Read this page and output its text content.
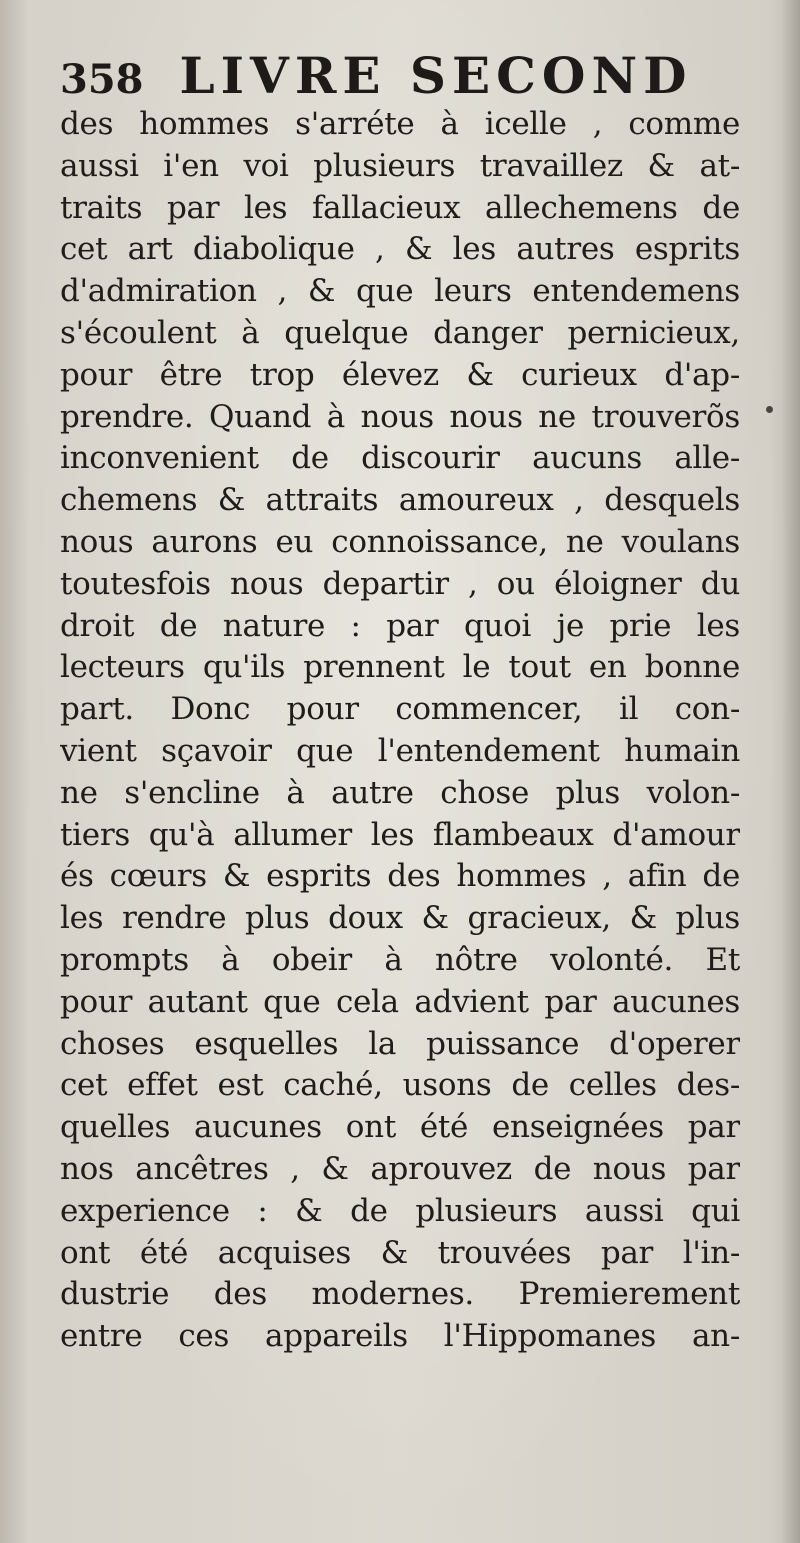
358 LIVRE SECOND
des hommes s'arréte à icelle , comme
aussi i'en voi plusieurs travaillez & at-
traits par les fallacieux allechemens de
cet art diabolique , & les autres esprits
d'admiration , & que leurs entendemens
s'écoulent à quelque danger pernicieux,
pour être trop élevez & curieux d'ap-
prendre. Quand à nous nous ne trouverõs
inconvenient de discourir aucuns alle-
chemens & attraits amoureux , desquels
nous aurons eu connoissance, ne voulans
toutesfois nous departir , ou éloigner du
droit de nature : par quoi je prie les
lecteurs qu'ils prennent le tout en bonne
part. Donc pour commencer, il con-
vient sçavoir que l'entendement humain
ne s'encline à autre chose plus volon-
tiers qu'à allumer les flambeaux d'amour
és cœurs & esprits des hommes , afin de
les rendre plus doux & gracieux, & plus
prompts à obeir à nôtre volonté. Et
pour autant que cela advient par aucunes
choses esquelles la puissance d'operer
cet effet est caché, usons de celles des-
quelles aucunes ont été enseignées par
nos ancêtres , & aprouvez de nous par
experience : & de plusieurs aussi qui
ont été acquises & trouvées par l'in-
dustrie des modernes. Premierement
entre ces appareils l'Hippomanes an-
